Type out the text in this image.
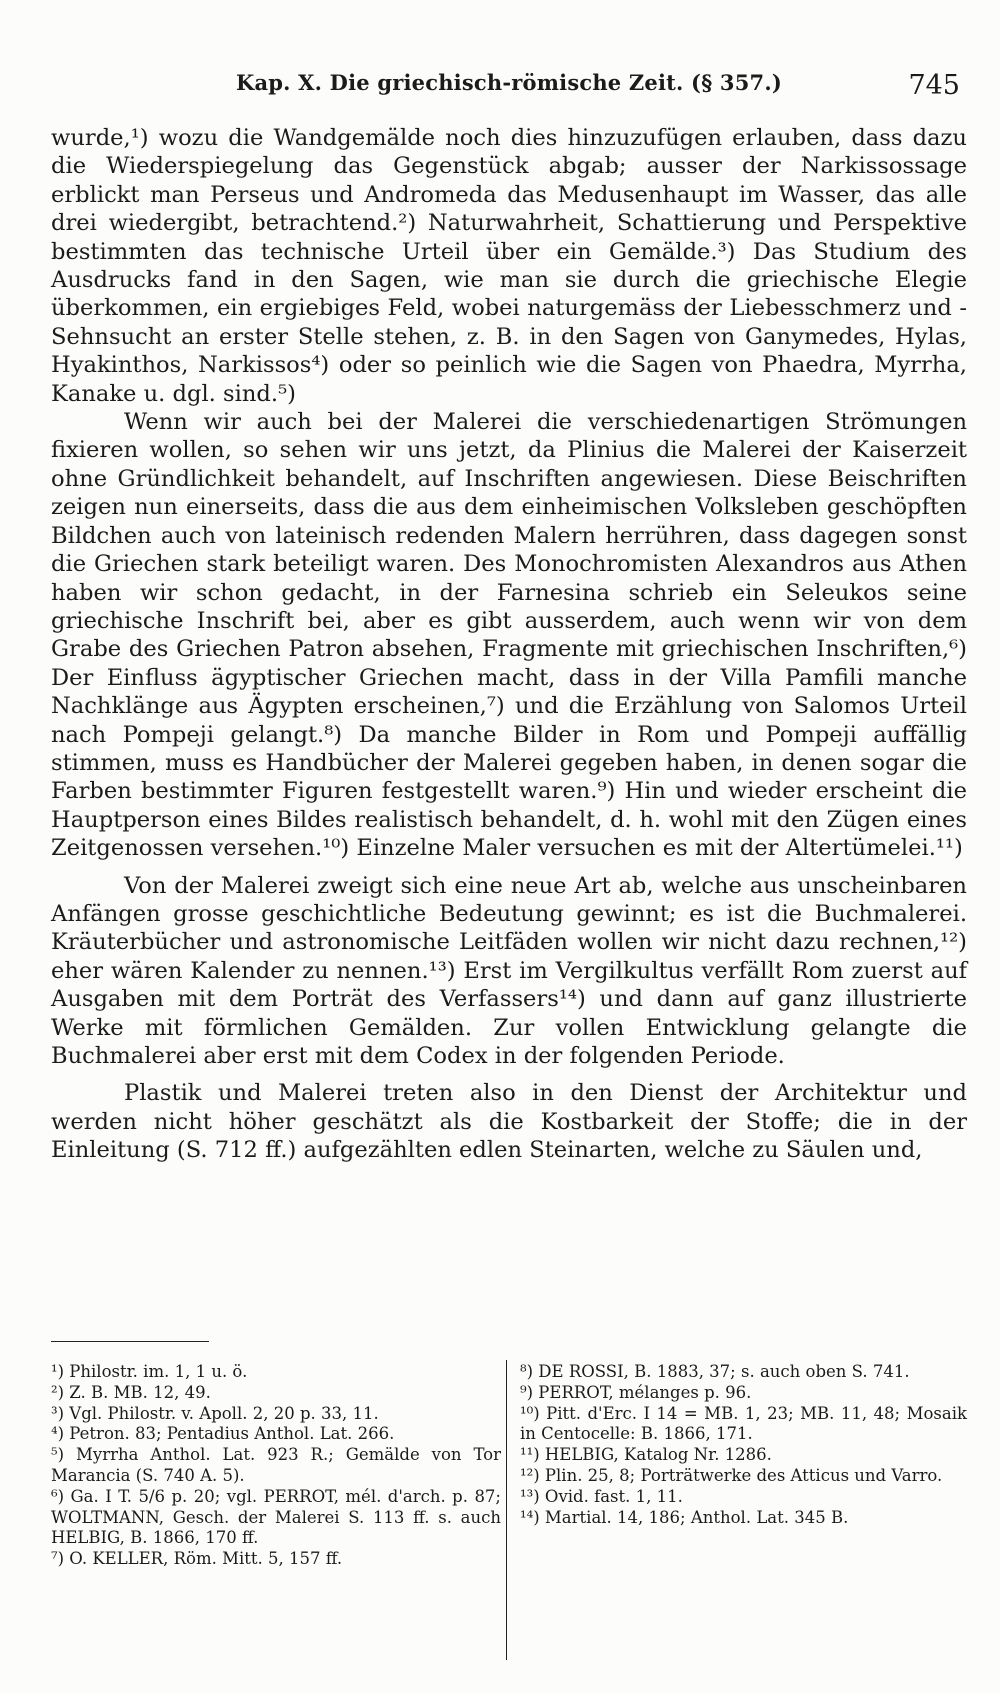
Kap. X. Die griechisch-römische Zeit. (§ 357.)	745

wurde,¹) wozu die Wandgemälde noch dies hinzuzufügen erlauben, dass dazu die Wiederspiegelung das Gegenstück abgab; ausser der Narkissossage erblickt man Perseus und Andromeda das Medusenhaupt im Wasser, das alle drei wiedergibt, betrachtend.²) Naturwahrheit, Schattierung und Perspektive bestimmten das technische Urteil über ein Gemälde.³) Das Studium des Ausdrucks fand in den Sagen, wie man sie durch die griechische Elegie überkommen, ein ergiebiges Feld, wobei naturgemäss der Liebesschmerz und -Sehnsucht an erster Stelle stehen, z. B. in den Sagen von Ganymedes, Hylas, Hyakinthos, Narkissos⁴) oder so peinlich wie die Sagen von Phaedra, Myrrha, Kanake u. dgl. sind.⁵)

Wenn wir auch bei der Malerei die verschiedenartigen Strömungen fixieren wollen, so sehen wir uns jetzt, da Plinius die Malerei der Kaiserzeit ohne Gründlichkeit behandelt, auf Inschriften angewiesen. Diese Beischriften zeigen nun einerseits, dass die aus dem einheimischen Volksleben geschöpften Bildchen auch von lateinisch redenden Malern herrühren, dass dagegen sonst die Griechen stark beteiligt waren. Des Monochromisten Alexandros aus Athen haben wir schon gedacht, in der Farnesina schrieb ein Seleukos seine griechische Inschrift bei, aber es gibt ausserdem, auch wenn wir von dem Grabe des Griechen Patron absehen, Fragmente mit griechischen Inschriften,⁶) Der Einfluss ägyptischer Griechen macht, dass in der Villa Pamfili manche Nachklänge aus Ägypten erscheinen,⁷) und die Erzählung von Salomos Urteil nach Pompeji gelangt.⁸) Da manche Bilder in Rom und Pompeji auffällig stimmen, muss es Handbücher der Malerei gegeben haben, in denen sogar die Farben bestimmter Figuren festgestellt waren.⁹) Hin und wieder erscheint die Hauptperson eines Bildes realistisch behandelt, d. h. wohl mit den Zügen eines Zeitgenossen versehen.¹⁰) Einzelne Maler versuchen es mit der Altertümelei.¹¹)

Von der Malerei zweigt sich eine neue Art ab, welche aus unscheinbaren Anfängen grosse geschichtliche Bedeutung gewinnt; es ist die Buchmalerei. Kräuterbücher und astronomische Leitfäden wollen wir nicht dazu rechnen,¹²) eher wären Kalender zu nennen.¹³) Erst im Vergilkultus verfällt Rom zuerst auf Ausgaben mit dem Porträt des Verfassers¹⁴) und dann auf ganz illustrierte Werke mit förmlichen Gemälden. Zur vollen Entwicklung gelangte die Buchmalerei aber erst mit dem Codex in der folgenden Periode.

Plastik und Malerei treten also in den Dienst der Architektur und werden nicht höher geschätzt als die Kostbarkeit der Stoffe; die in der Einleitung (S. 712 ff.) aufgezählten edlen Steinarten, welche zu Säulen und,

¹) Philostr. im. 1, 1 u. ö.

²) Z. B. MB. 12, 49.

³) Vgl. Philostr. v. Apoll. 2, 20 p. 33, 11.

⁴) Petron. 83; Pentadius Anthol. Lat. 266.

⁵) Myrrha Anthol. Lat. 923 R.; Gemälde von Tor Marancia (S. 740 A. 5).

⁶) Ga. I T. 5/6 p. 20; vgl. PERROT, mél. d'arch. p. 87; WOLTMANN, Gesch. der Malerei S. 113 ff. s. auch HELBIG, B. 1866, 170 ff.

⁷) O. KELLER, Röm. Mitt. 5, 157 ff.

⁸) DE ROSSI, B. 1883, 37; s. auch oben S. 741.

⁹) PERROT, mélanges p. 96.

¹⁰) Pitt. d'Erc. I 14 = MB. 1, 23; MB. 11, 48; Mosaik in Centocelle: B. 1866, 171.

¹¹) HELBIG, Katalog Nr. 1286.

¹²) Plin. 25, 8; Porträtwerke des Atticus und Varro.

¹³) Ovid. fast. 1, 11.

¹⁴) Martial. 14, 186; Anthol. Lat. 345 B.
